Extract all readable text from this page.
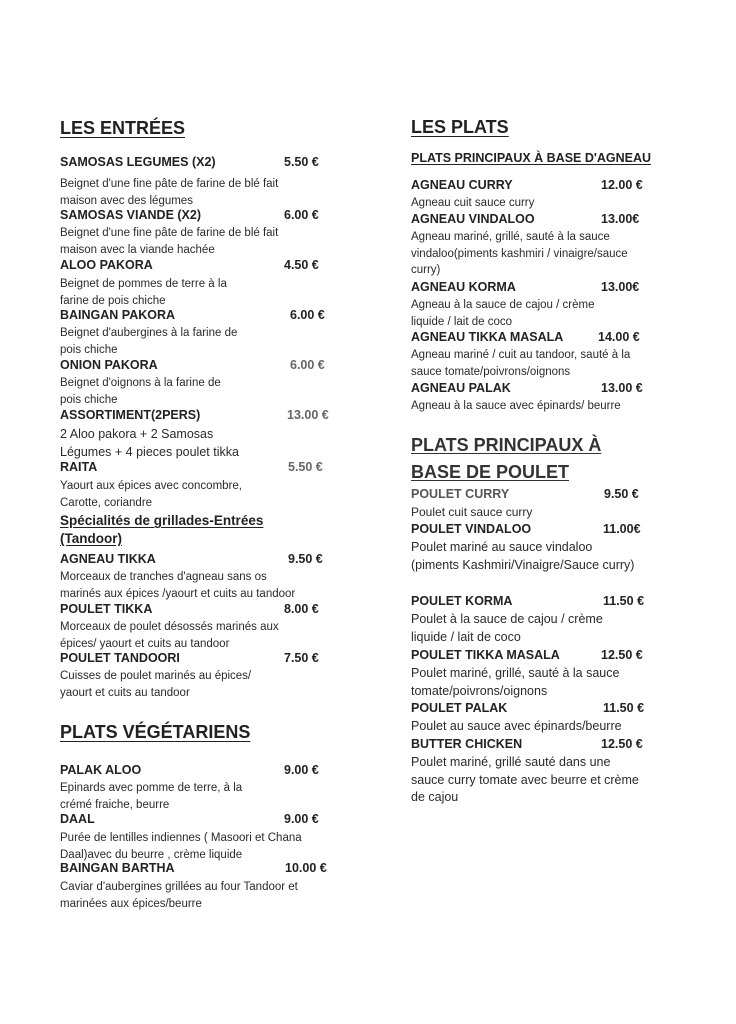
LES ENTRÉES
SAMOSAS LEGUMES (X2)	5.50 €

Beignet d'une fine pâte de farine de blé fait maison avec des légumes

SAMOSAS VIANDE (X2)	6.00 €

Beignet d'une fine pâte de farine de blé fait maison avec la viande hachée

ALOO PAKORA	4.50 €

Beignet de pommes de terre à la farine de pois chiche

BAINGAN PAKORA	6.00 €

Beignet d'aubergines à la farine de pois chiche

ONION PAKORA	6.00 €

Beignet d'oignons à la farine de pois chiche

ASSORTIMENT(2PERS)	13.00 €

2 Aloo pakora + 2 Samosas Légumes + 4 pieces poulet tikka

RAITA	5.50 €

Yaourt aux épices avec concombre, Carotte, coriandre

Spécialités de grillades-Entrées (Tandoor)
AGNEAU TIKKA	9.50 €

Morceaux de tranches d'agneau sans os marinés aux épices /yaourt et cuits au tandoor

POULET TIKKA	8.00 €

Morceaux de poulet désossés marinés aux épices/ yaourt et cuits au tandoor

POULET TANDOORI	7.50 €

Cuisses de poulet marinés au épices/ yaourt et cuits au tandoor

PLATS VÉGÉTARIENS
PALAK ALOO	9.00 €

Epinards avec pomme de terre, à la crémé fraiche, beurre

DAAL	9.00 €

Purée de lentilles indiennes ( Masoori et Chana Daal)avec du beurre , crème liquide

BAINGAN BARTHA	10.00 €

Caviar d'aubergines grillées au four Tandoor et marinées aux épices/beurre

LES PLATS
PLATS PRINCIPAUX À BASE D'AGNEAU
AGNEAU CURRY	12.00 €

Agneau cuit sauce curry

AGNEAU VINDALOO	13.00€

Agneau mariné, grillé, sauté à la sauce vindaloo(piments kashmiri / vinaigre/sauce curry)

AGNEAU KORMA	13.00€

Agneau à la sauce de cajou / crème liquide / lait de coco

AGNEAU TIKKA MASALA	14.00 €

Agneau mariné / cuit au tandoor, sauté à la sauce tomate/poivrons/oignons

AGNEAU PALAK	13.00 €

Agneau à la sauce avec épinards/ beurre

PLATS PRINCIPAUX À BASE DE POULET
POULET CURRY	9.50 €

Poulet cuit sauce curry

POULET VINDALOO	11.00€

Poulet mariné au sauce vindaloo (piments Kashmiri/Vinaigre/Sauce curry)

POULET KORMA	11.50 €

Poulet à la sauce de cajou / crème liquide / lait de coco

POULET TIKKA MASALA	12.50 €

Poulet mariné, grillé, sauté à la sauce tomate/poivrons/oignons

POULET PALAK	11.50 €

Poulet au sauce avec épinards/beurre

BUTTER CHICKEN	12.50 €

Poulet mariné, grillé sauté dans une sauce curry tomate avec beurre et crème de cajou
